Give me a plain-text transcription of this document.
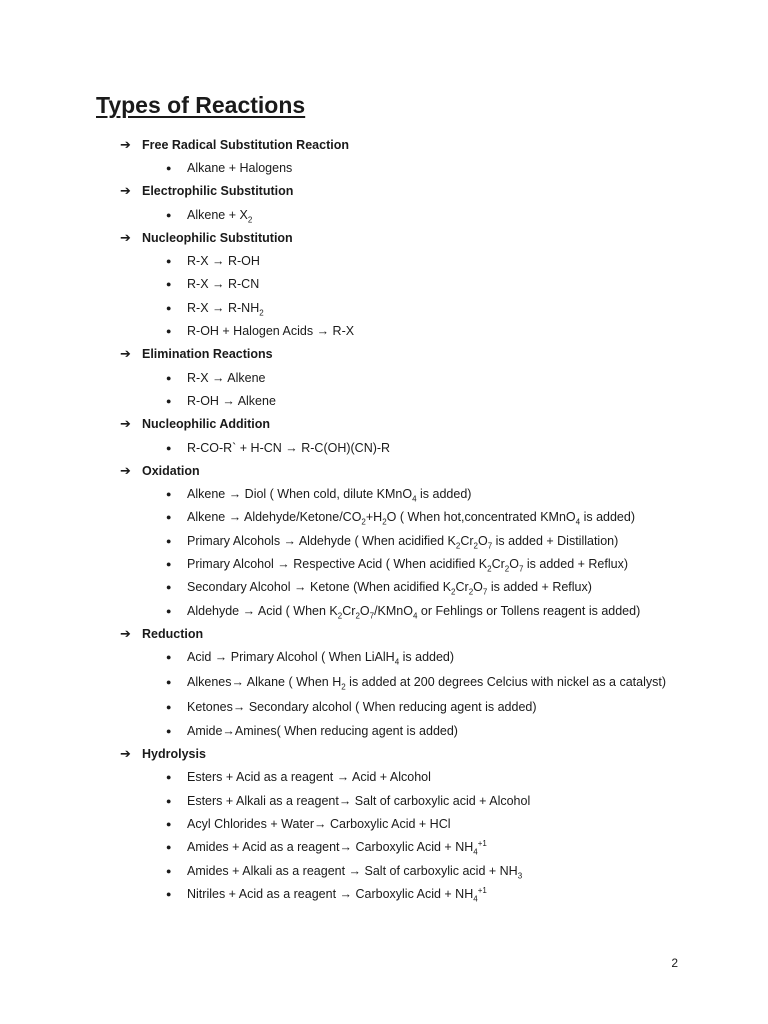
Types of Reactions
➔ Free Radical Substitution Reaction
●	Alkane + Halogens
➔ Electrophilic Substitution
●	Alkene + $X_2$
➔ Nucleophilic Substitution
●	R-X → R-OH
●	R-X → R-CN
●	$R-X \to R-NH_2$
●	R-OH + Halogen Acids → R-X
➔ Elimination Reactions
●	R-X → Alkene
●	R-OH → Alkene
➔ Nucleophilic Addition
●	R-CO-R` + H-CN → R-C(OH)(CN)-R
➔ Oxidation
●	Alkene → Diol ( When cold, dilute KMnO$_4$ is added)
●	Alkene → Aldehyde/$Ketone/CO_2+H_2O$ ( When hot,concentrated KMnO$_4$ is added)
●	Primary Alcohols → Aldehyde ( When acidified $K_2Cr_2O_7$ is added + Distillation)
●	Primary Alcohol → Respective Acid ( When acidified $K_2Cr_2O_7$ is added + Reflux)
●	Secondary Alcohol → Ketone (When acidified $K_2Cr_2O_7$ is added + Reflux)
●	Aldehyde → Acid ( When $K_2Cr_2O_7/KMnO_4$ or Fehlings or Tollens reagent is added)
➔ Reduction
●	Acid → Primary Alcohol ( When LiAlH$_4$ is added)
●	Alkenes→ Alkane ( When $H_2$ is added at 200 degrees Celcius with nickel as a catalyst)
●	Ketones→ Secondary alcohol ( When reducing agent is added)
●	Amide→Amines( When reducing agent is added)
➔ Hydrolysis
●	Esters + Acid as a reagent → Acid + Alcohol
●	Esters + Alkali as a reagent→ Salt of carboxylic acid + Alcohol
●	Acyl Chlorides + Water→ Carboxylic Acid + HCl
●	Amides + Acid as a reagent→ Carboxylic Acid + $NH_4^{+1}$
●	Amides + Alkali as a reagent → Salt of carboxylic acid + $NH_3$
●	Nitriles + Acid as a reagent → Carboxylic Acid + $NH_4^{+1}$
2
